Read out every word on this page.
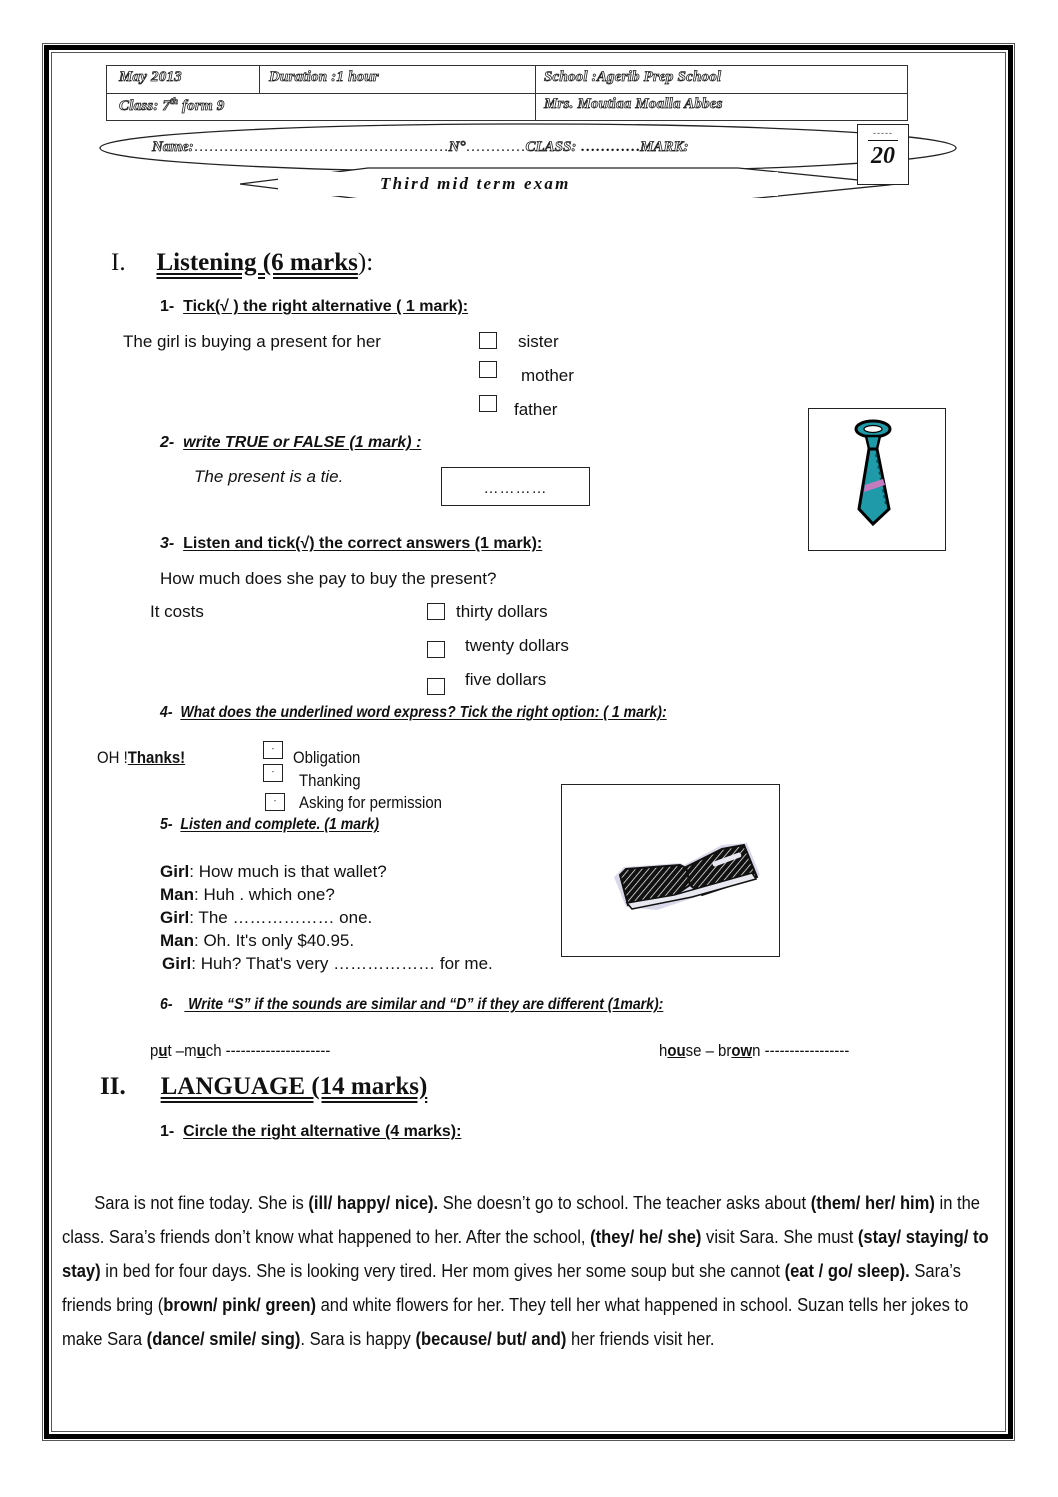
May 2013	Duration :1 hour	School :Agerib Prep School
Class: 7th form 9	Mrs. Moutiaa Moalla Abbes
Name:……………………………………………N°…………CLASS: …………MARK:
-----
20
Third mid term exam
I. Listening (6 marks):
1- Tick(√ ) the right alternative ( 1 mark):
The girl is buying a present for her	sister
mother
father
2- write TRUE or FALSE (1 mark) :
The present is a tie.
…………
3- Listen and tick(√) the correct answers (1 mark):
How much does she pay to buy the present?
It costs	thirty dollars
twenty dollars
five dollars
4- What does the underlined word express? Tick the right option: ( 1 mark):
OH !Thanks!	-	Obligation
-	Thanking
-	Asking for permission
5- Listen and complete. (1 mark)
Girl: How much is that wallet?
Man: Huh . which one?
Girl: The ……………… one.
Man: Oh. It's only $40.95.
Girl: Huh? That's very ……………… for me.
6-    Write “S” if the sounds are similar and “D” if they are different (1mark):
put –much ---------------------	house – brown -----------------
II. LANGUAGE (14 marks)
1- Circle the right alternative (4 marks):

Sara is not fine today. She is (ill/ happy/ nice). She doesn’t go to school. The teacher asks about (them/ her/ him) in the class. Sara’s friends don’t know what happened to her. After the school, (they/ he/ she) visit Sara. She must (stay/ staying/ to stay) in bed for four days. She is looking very tired. Her mom gives her some soup but she cannot (eat / go/ sleep). Sara’s friends bring (brown/ pink/ green) and white flowers for her. They tell her what happened in school. Suzan tells her jokes to make Sara (dance/ smile/ sing). Sara is happy (because/ but/ and) her friends visit her.
